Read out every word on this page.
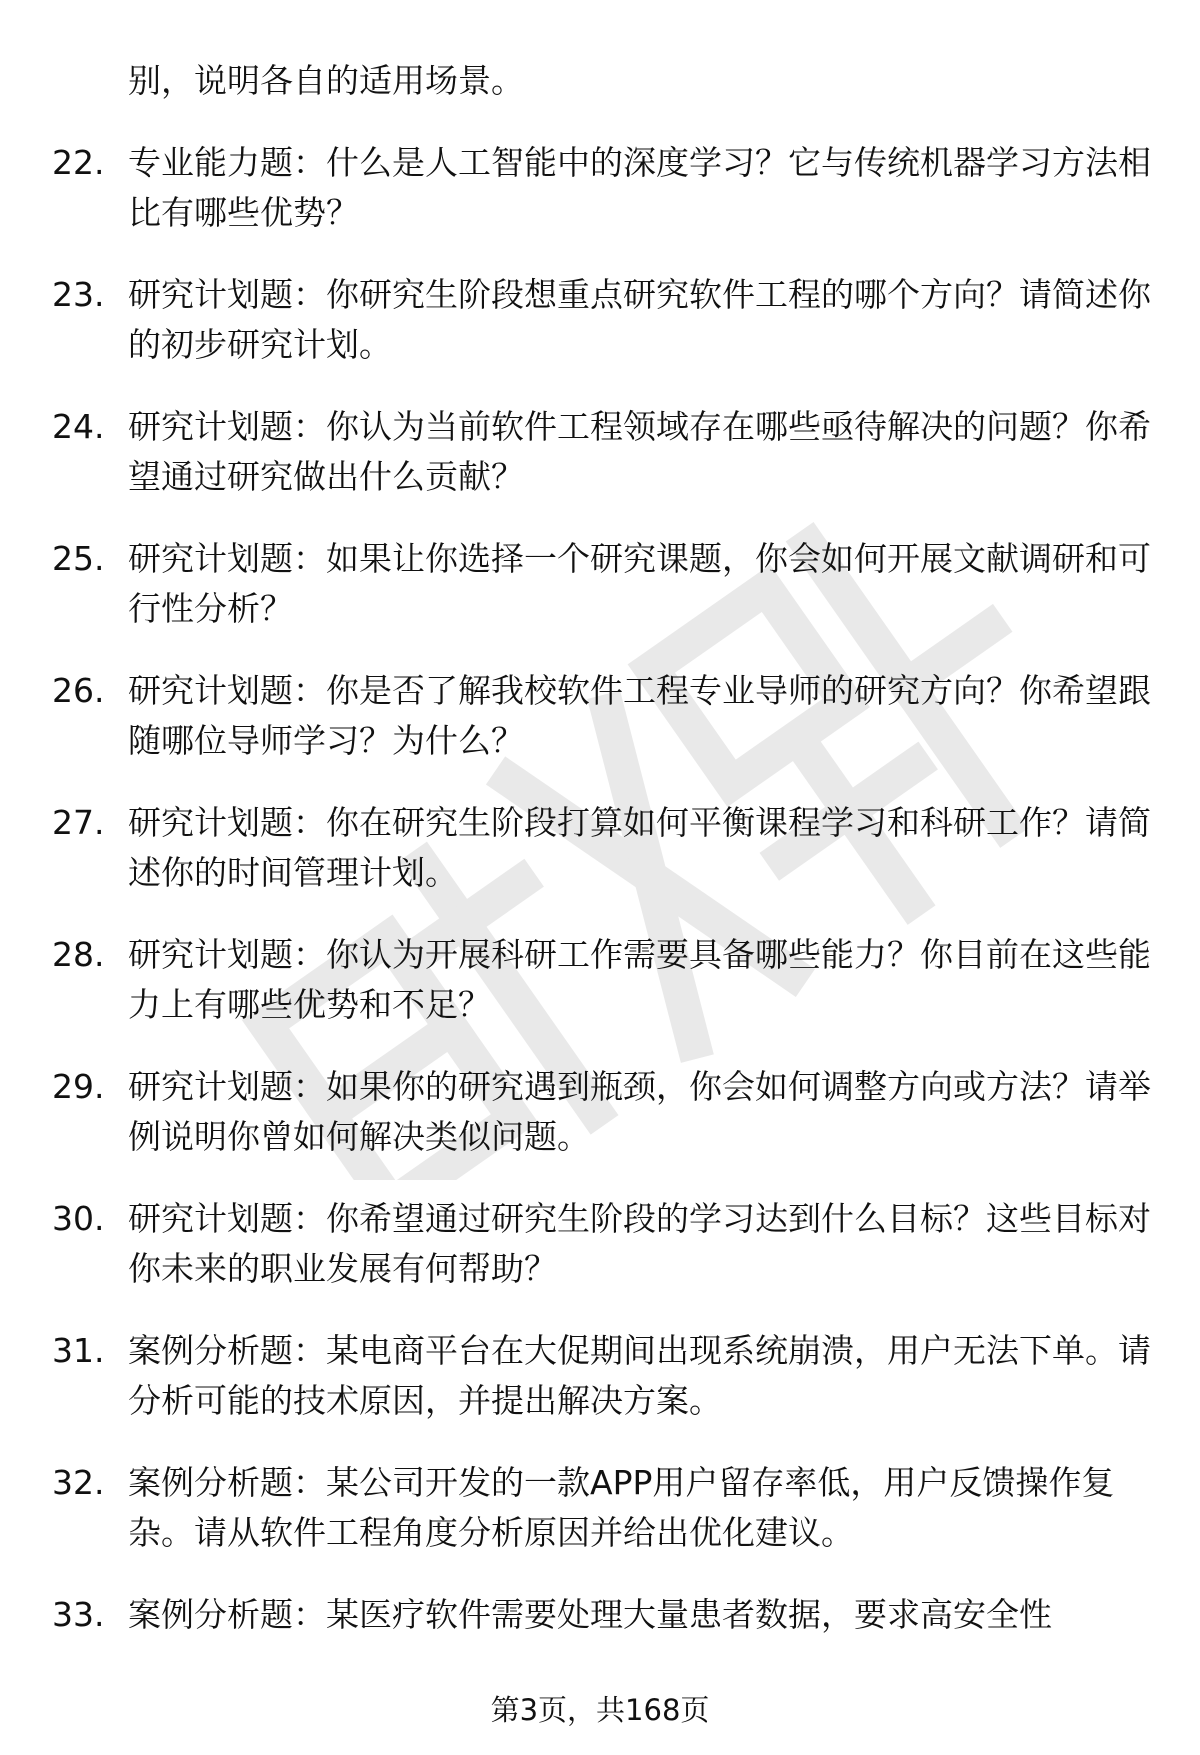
别，说明各自的适用场景。
22. 专业能力题：什么是人工智能中的深度学习？它与传统机器学习方法相比有哪些优势？
23. 研究计划题：你研究生阶段想重点研究软件工程的哪个方向？请简述你的初步研究计划。
24. 研究计划题：你认为当前软件工程领域存在哪些亟待解决的问题？你希望通过研究做出什么贡献？
25. 研究计划题：如果让你选择一个研究课题，你会如何开展文献调研和可行性分析？
26. 研究计划题：你是否了解我校软件工程专业导师的研究方向？你希望跟随哪位导师学习？为什么？
27. 研究计划题：你在研究生阶段打算如何平衡课程学习和科研工作？请简述你的时间管理计划。
28. 研究计划题：你认为开展科研工作需要具备哪些能力？你目前在这些能力上有哪些优势和不足？
29. 研究计划题：如果你的研究遇到瓶颈，你会如何调整方向或方法？请举例说明你曾如何解决类似问题。
30. 研究计划题：你希望通过研究生阶段的学习达到什么目标？这些目标对你未来的职业发展有何帮助？
31. 案例分析题：某电商平台在大促期间出现系统崩溃，用户无法下单。请分析可能的技术原因，并提出解决方案。
32. 案例分析题：某公司开发的一款APP用户留存率低，用户反馈操作复杂。请从软件工程角度分析原因并给出优化建议。
33. 案例分析题：某医疗软件需要处理大量患者数据，要求高安全性
第3页，共168页
